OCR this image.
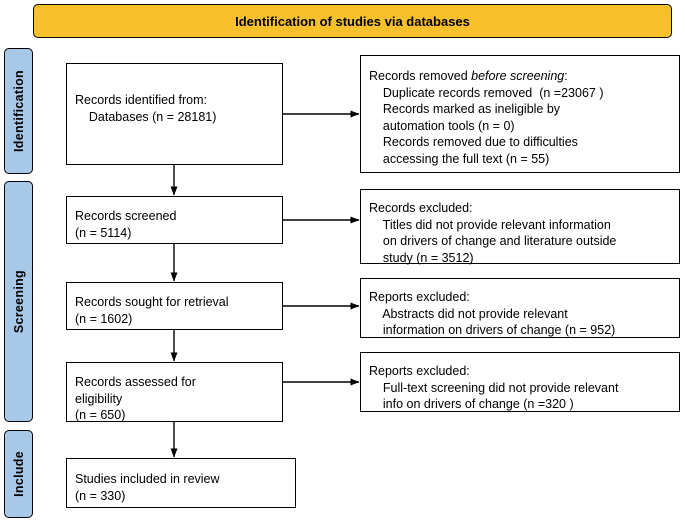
Identification of studies via databases
Identification
Screening
Include
Records identified from:
Databases (n = 28181)
Records removed before screening:
Duplicate records removed  (n =23067 )
Records marked as ineligible by
automation tools (n = 0)
Records removed due to difficulties
accessing the full text (n = 55)
Records screened
(n = 5114)
Records excluded:
Titles did not provide relevant information
on drivers of change and literature outside
study (n = 3512)
Records sought for retrieval
(n = 1602)
Reports excluded:
Abstracts did not provide relevant
information on drivers of change (n = 952)
Records assessed for
eligibility
(n = 650)
Reports excluded:
Full-text screening did not provide relevant
info on drivers of change (n =320 )
Studies included in review
(n = 330)
